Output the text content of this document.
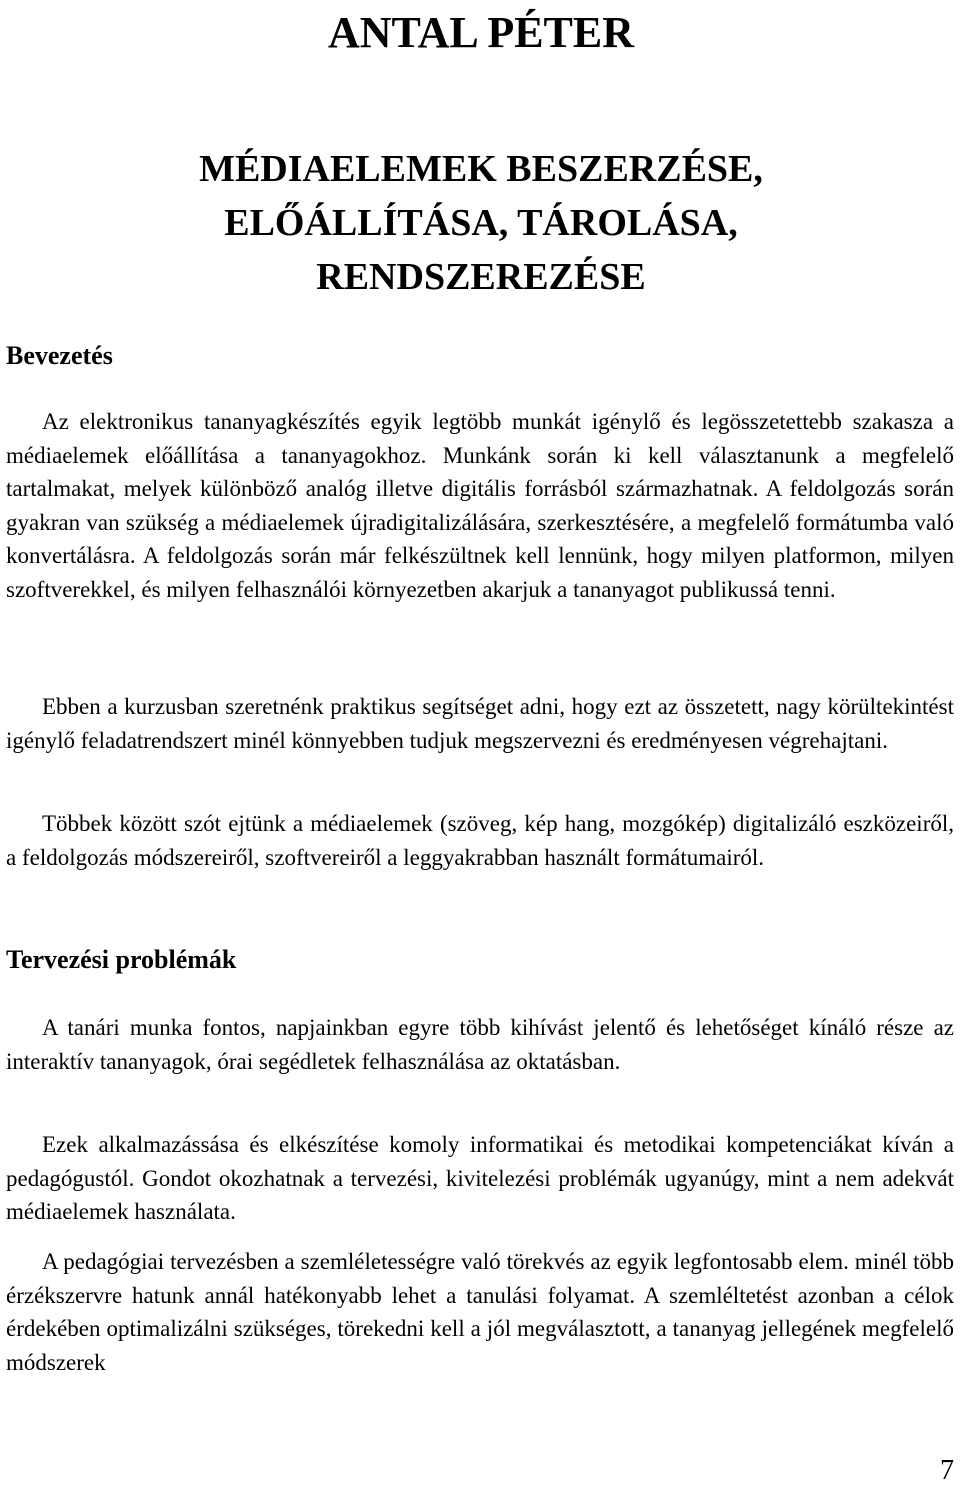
ANTAL PÉTER
MÉDIAELEMEK BESZERZÉSE,
ELŐÁLLÍTÁSA, TÁROLÁSA,
RENDSZEREZÉSE
Bevezetés

Az elektronikus tananyagkészítés egyik legtöbb munkát igénylő és legösszetettebb szakasza a médiaelemek előállítása a tananyagokhoz. Munkánk során ki kell választanunk a megfelelő tartalmakat, melyek különböző analóg illetve digitális forrásból származhatnak. A feldolgozás során gyakran van szükség a médiaelemek újradigitalizálására, szerkesztésére, a megfelelő formátumba való konvertálásra. A feldolgozás során már felkészültnek kell lennünk, hogy milyen platformon, milyen szoftverekkel, és milyen felhasználói környezetben akarjuk a tananyagot publikussá tenni.

Ebben a kurzusban szeretnénk praktikus segítséget adni, hogy ezt az összetett, nagy körültekintést igénylő feladatrendszert minél könnyebben tudjuk megszervezni és eredményesen végrehajtani.

Többek között szót ejtünk a médiaelemek (szöveg, kép hang, mozgókép) digitalizáló eszközeiről, a feldolgozás módszereiről, szoftvereiről a leggyakrabban használt formátumairól.

Tervezési problémák

A tanári munka fontos, napjainkban egyre több kihívást jelentő és lehetőséget kínáló része az interaktív tananyagok, órai segédletek felhasználása az oktatásban.

Ezek alkalmazássása és elkészítése komoly informatikai és metodikai kompetenciákat kíván a pedagógustól. Gondot okozhatnak a tervezési, kivitelezési problémák ugyanúgy, mint a nem adekvát médiaelemek használata.

A pedagógiai tervezésben a szemléletességre való törekvés az egyik legfontosabb elem. minél több érzékszervre hatunk annál hatékonyabb lehet a tanulási folyamat. A szemléltetést azonban a célok érdekében optimalizálni szükséges, törekedni kell a jól megválasztott, a tananyag jellegének megfelelő módszerek

7
